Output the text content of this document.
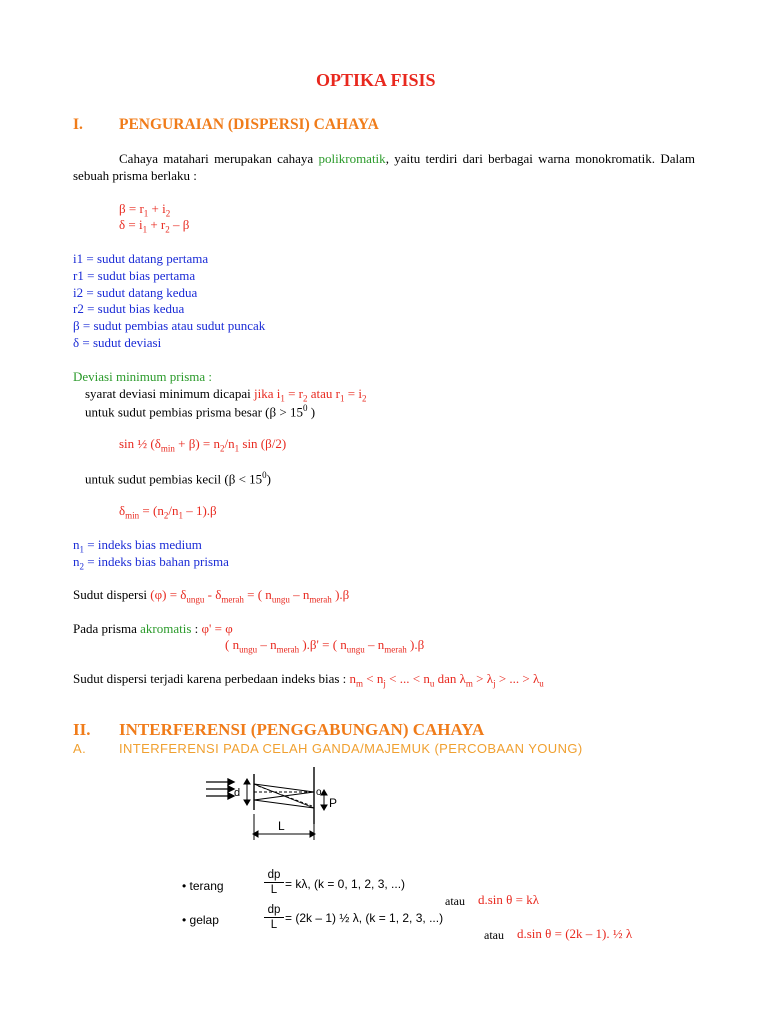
OPTIKA FISIS
I. PENGURAIAN (DISPERSI) CAHAYA
Cahaya matahari merupakan cahaya polikromatik, yaitu terdiri dari berbagai warna monokromatik. Dalam sebuah prisma berlaku :
$\beta = r_1 + i_2$
$\delta = i_1 + r_2 - \beta$
i1 = sudut datang pertama
r1 = sudut bias pertama
i2 = sudut datang kedua
r2 = sudut bias kedua
β = sudut pembias atau sudut puncak
δ = sudut deviasi
Deviasi minimum prisma :
syarat deviasi minimum dicapai jika $i_1 = r_2$ atau $r_1 = i_2$
untuk sudut pembias prisma besar ($\beta > 15^0$ )
sin ½ $(\delta_{min} + \beta) = n_2/n_1$ sin (β/2)
untuk sudut pembias kecil $(\beta < 15^0)$
$\delta_{min} = (n_2/n_1 - 1).\beta$
$n_1$ = indeks bias medium
$n_2$ = indeks bias bahan prisma
Sudut dispersi $(\varphi) = \delta_{ungu} - \delta_{merah}$ = ( $n_{ungu} - n_{merah}$ ).β
Pada prisma akromatis : φ' = φ
( $n_{ungu} - n_{merah}$ ).β' = ( $n_{ungu} - n_{merah}$ ).β
Sudut dispersi terjadi karena perbedaan indeks bias : $n_m < n_j$ < ... < $n_u$ dan $\lambda_m > \lambda_j$ > ... > $\lambda_u$
II. INTERFERENSI (PENGGABUNGAN) CAHAYA
A.	INTERFERENSI PADA CELAH GANDA/MAJEMUK (PERCOBAAN YOUNG)
d	o
P
L
• terang
dp
L = kλ, (k = 0, 1, 2, 3, ...)
atau d.sin θ = kλ
• gelap
dp
L = (2k – 1) ½ λ, (k = 1, 2, 3, ...)
atau d.sin θ = (2k – 1). ½ λ
